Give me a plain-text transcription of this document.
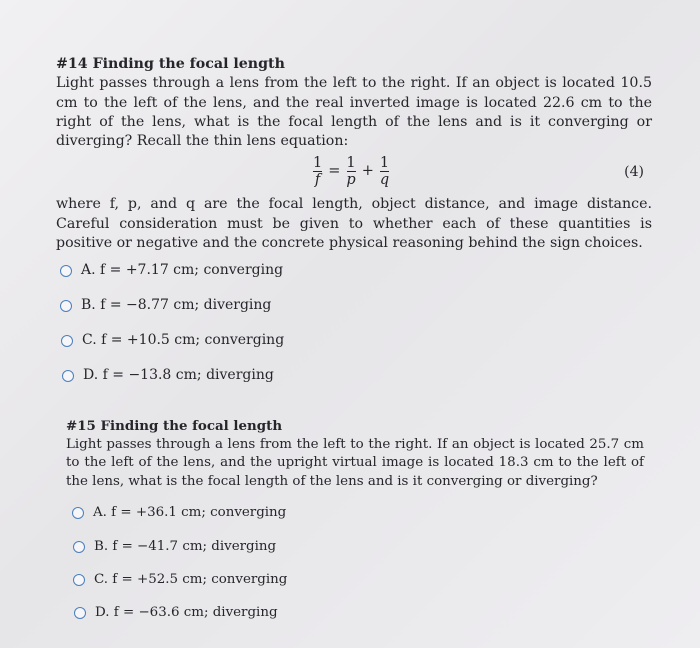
#14 Finding the focal length
Light passes through a lens from the left to the right. If an object is located 10.5 cm to the left of the lens, and the real inverted image is located 22.6 cm to the right of the lens, what is the focal length of the lens and is it converging or diverging? Recall the thin lens equation:
$\frac{1}{f} = \frac{1}{p} + \frac{1}{q}$	(4)
where f, p, and q are the focal length, object distance, and image distance. Careful consideration must be given to whether each of these quantities is positive or negative and the concrete physical reasoning behind the sign choices.
A. f = +7.17 cm; converging
B. f = −8.77 cm; diverging
C. f = +10.5 cm; converging
D. f = −13.8 cm; diverging
#15 Finding the focal length
Light passes through a lens from the left to the right. If an object is located 25.7 cm to the left of the lens, and the upright virtual image is located 18.3 cm to the left of the lens, what is the focal length of the lens and is it converging or diverging?
A. f = +36.1 cm; converging
B. f = −41.7 cm; diverging
C. f = +52.5 cm; converging
D. f = −63.6 cm; diverging
